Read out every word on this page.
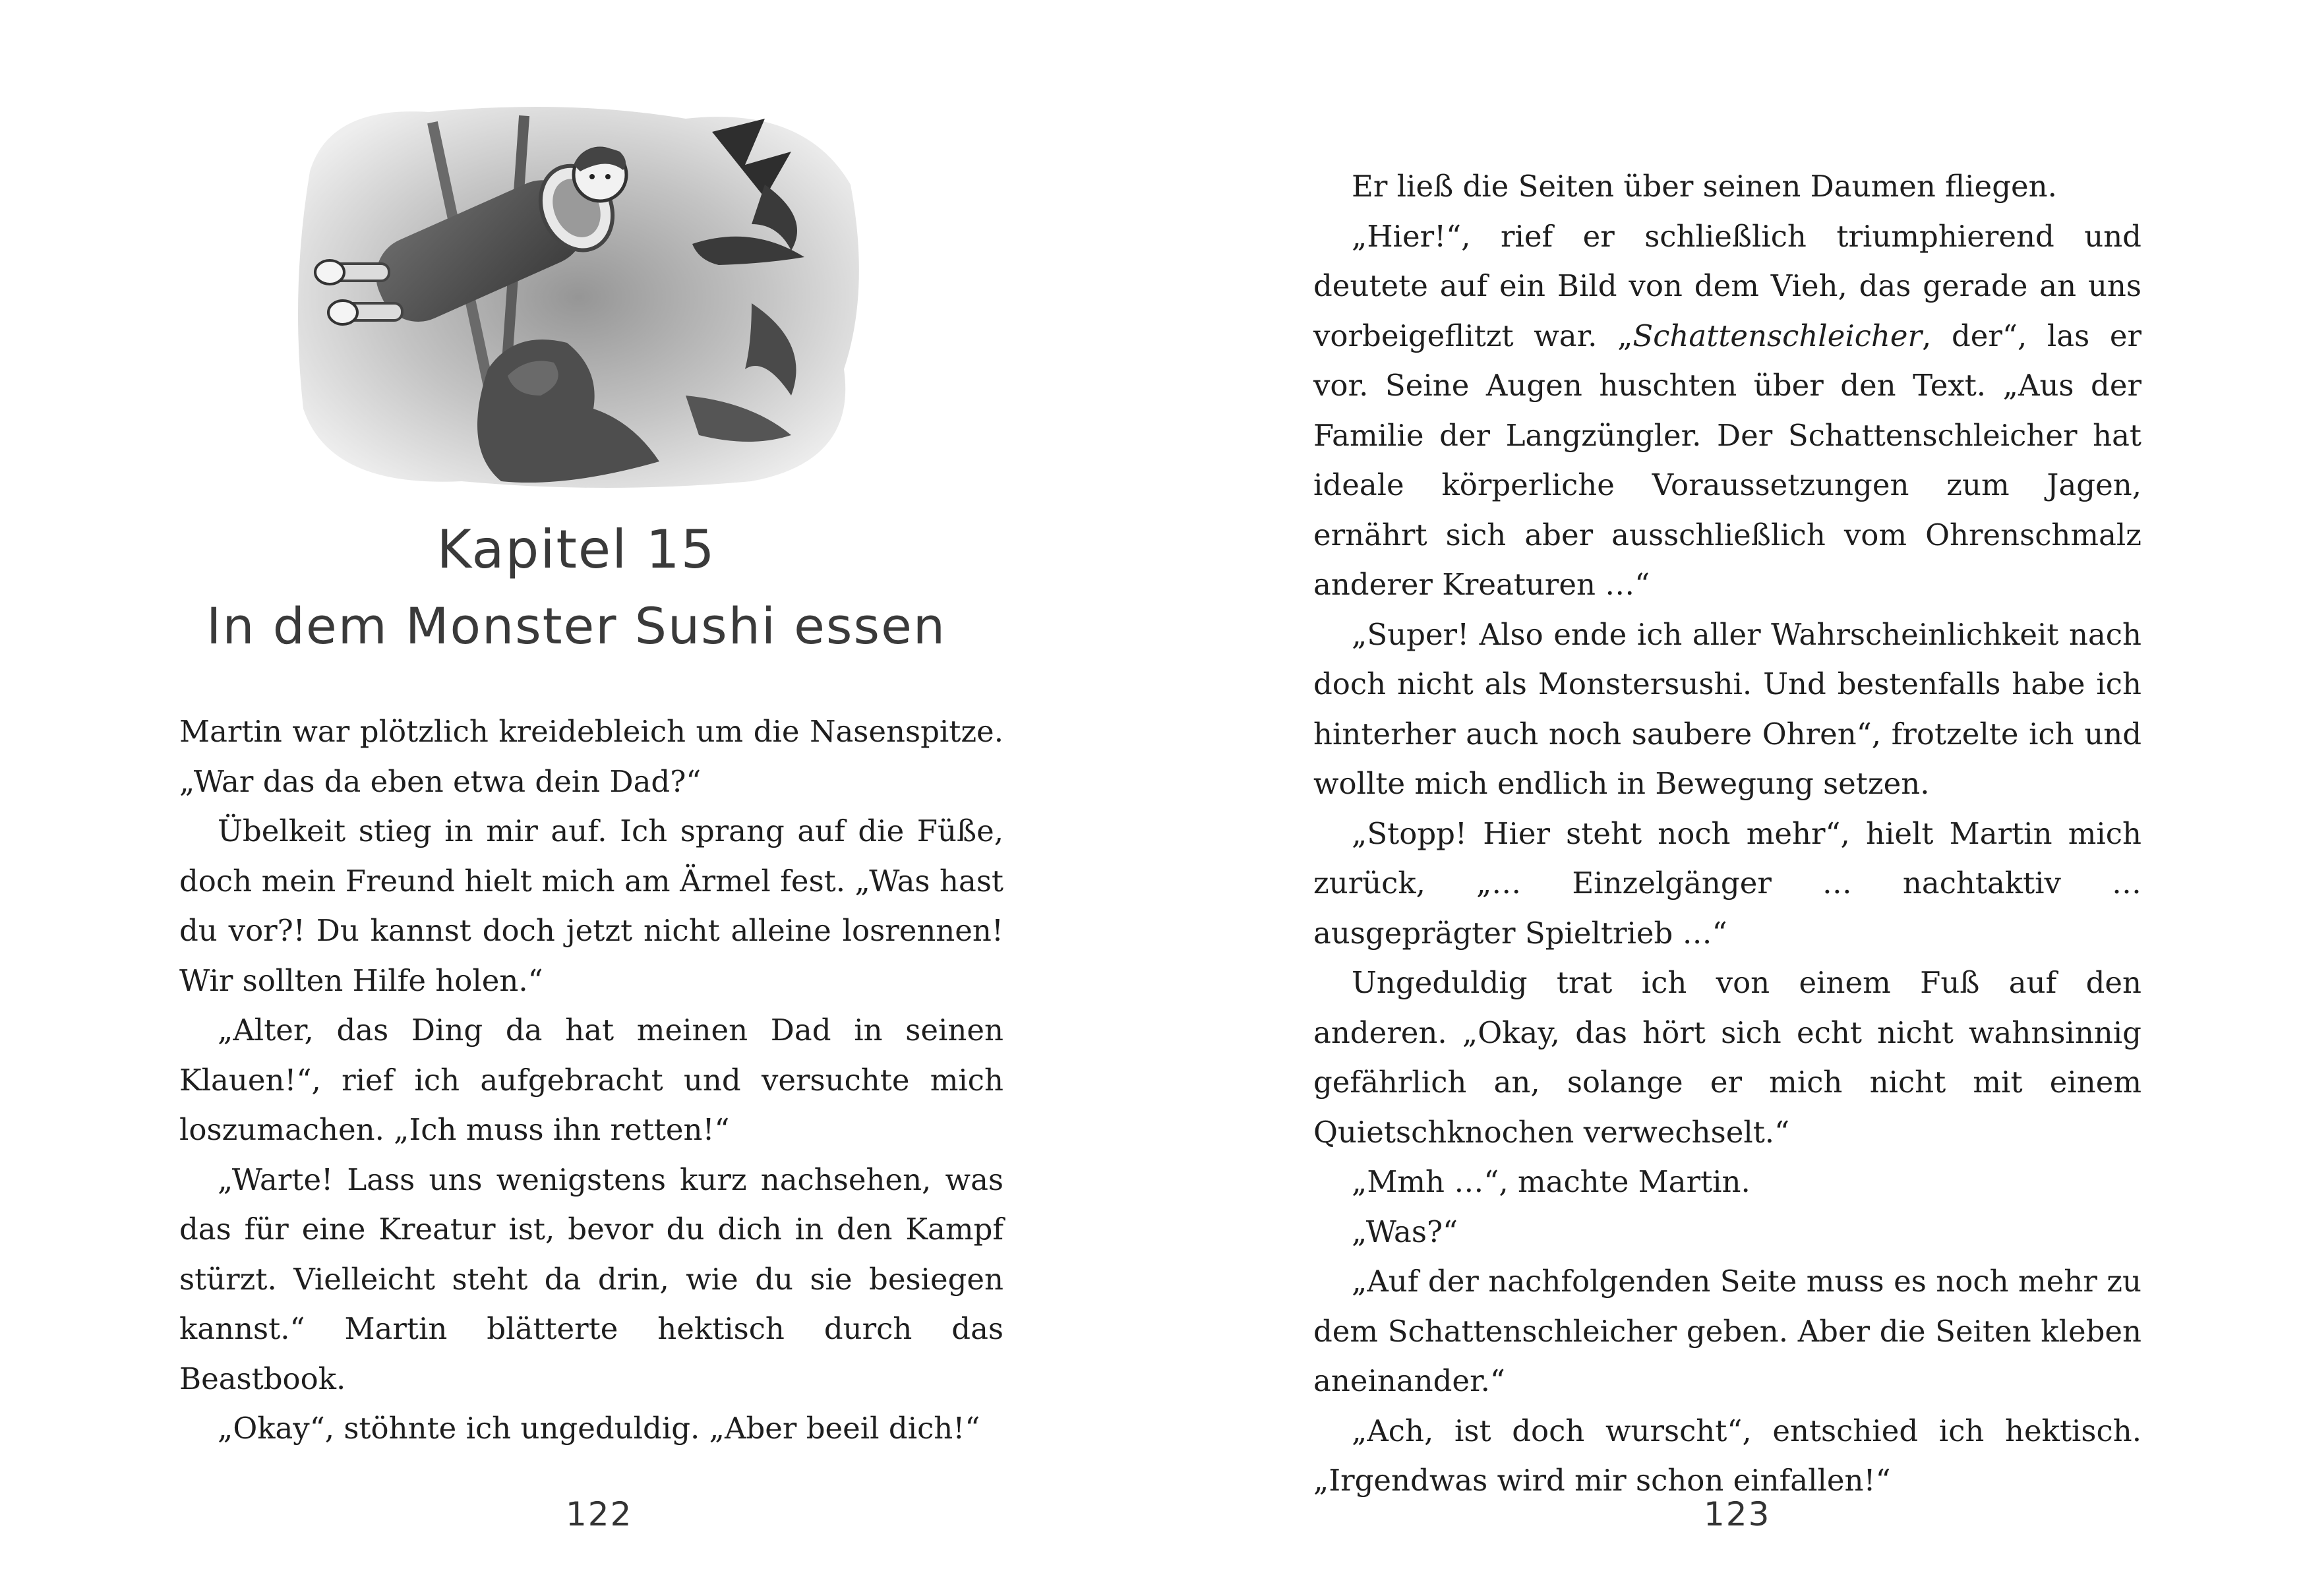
Kapitel 15
In dem Monster Sushi essen

Martin war plötzlich kreidebleich um die Nasenspitze. „War das da eben etwa dein Dad?“

Übelkeit stieg in mir auf. Ich sprang auf die Füße, doch mein Freund hielt mich am Ärmel fest. „Was hast du vor?! Du kannst doch jetzt nicht alleine losrennen! Wir sollten Hilfe holen.“

„Alter, das Ding da hat meinen Dad in seinen Klauen!“, rief ich aufgebracht und versuchte mich loszumachen. „Ich muss ihn retten!“

„Warte! Lass uns wenigstens kurz nachsehen, was das für eine Kreatur ist, bevor du dich in den Kampf stürzt. Vielleicht steht da drin, wie du sie besiegen kannst.“ Martin blätterte hektisch durch das Beastbook.

„Okay“, stöhnte ich ungeduldig. „Aber beeil dich!“

122

Er ließ die Seiten über seinen Daumen fliegen.

„Hier!“, rief er schließlich triumphierend und deutete auf ein Bild von dem Vieh, das gerade an uns vorbeigeflitzt war. „Schattenschleicher, der“, las er vor. Seine Augen huschten über den Text. „Aus der Familie der Langzüngler. Der Schattenschleicher hat ideale körperliche Voraussetzungen zum Jagen, ernährt sich aber ausschließlich vom Ohrenschmalz anderer Kreaturen …“

„Super! Also ende ich aller Wahrscheinlichkeit nach doch nicht als Monstersushi. Und bestenfalls habe ich hinterher auch noch saubere Ohren“, frotzelte ich und wollte mich endlich in Bewegung setzen.

„Stopp! Hier steht noch mehr“, hielt Martin mich zurück, „… Einzelgänger … nachtaktiv … ausgeprägter Spieltrieb …“

Ungeduldig trat ich von einem Fuß auf den anderen. „Okay, das hört sich echt nicht wahnsinnig gefährlich an, solange er mich nicht mit einem Quietschknochen verwechselt.“

„Mmh …“, machte Martin.

„Was?“

„Auf der nachfolgenden Seite muss es noch mehr zu dem Schattenschleicher geben. Aber die Seiten kleben aneinander.“

„Ach, ist doch wurscht“, entschied ich hektisch. „Irgendwas wird mir schon einfallen!“

123
